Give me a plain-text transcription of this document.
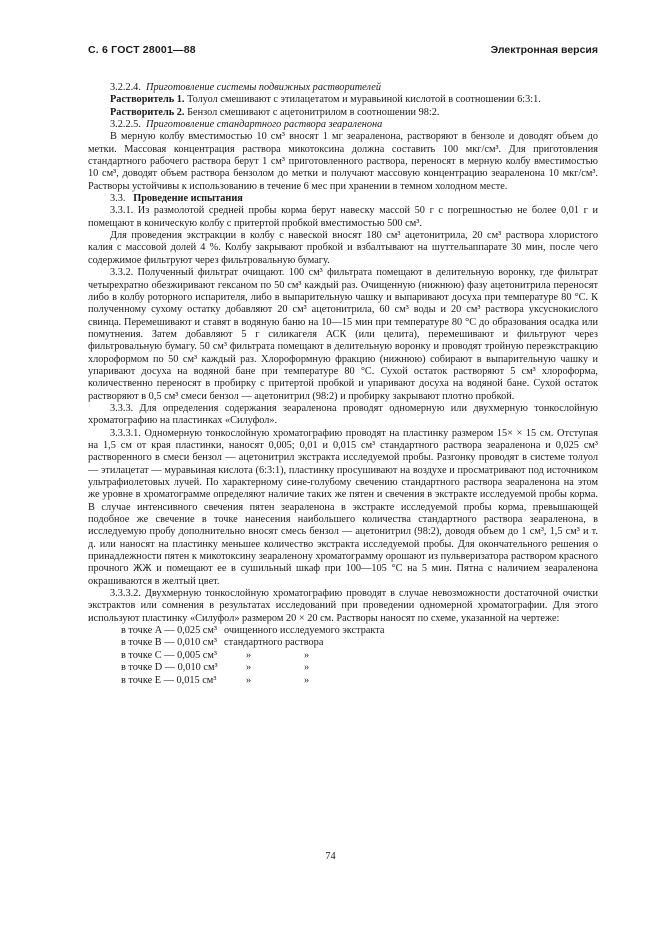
С. 6 ГОСТ 28001—88	Электронная версия

3.2.2.4. Приготовление системы подвижных растворителей

Растворитель 1. Толуол смешивают с этилацетатом и муравьиной кислотой в соотношении 6:3:1.

Растворитель 2. Бензол смешивают с ацетонитрилом в соотношении 98:2.

3.2.2.5. Приготовление стандартного раствора зеараленона

В мерную колбу вместимостью 10 см³ вносят 1 мг зеараленона, растворяют в бензоле и доводят объем до метки. Массовая концентрация раствора микотоксина должна составить 100 мкг/см³. Для приготовления стандартного рабочего раствора берут 1 см³ приготовленного раствора, переносят в мерную колбу вместимостью 10 см³, доводят объем раствора бензолом до метки и получают массовую концентрацию зеараленона 10 мкг/см³. Растворы устойчивы к использованию в течение 6 мес при хранении в темном холодном месте.

3.3. Проведение испытания

3.3.1. Из размолотой средней пробы корма берут навеску массой 50 г с погрешностью не более 0,01 г и помещают в коническую колбу с притертой пробкой вместимостью 500 см³.

Для проведения экстракции в колбу с навеской вносят 180 см³ ацетонитрила, 20 см³ раствора хлористого калия с массовой долей 4 %. Колбу закрывают пробкой и взбалтывают на шуттельаппарате 30 мин, после чего содержимое фильтруют через фильтровальную бумагу.

3.3.2. Полученный фильтрат очищают. 100 см³ фильтрата помещают в делительную воронку, где фильтрат четырехратно обезжиривают гексаном по 50 см³ каждый раз. Очищенную (нижнюю) фазу ацетонитрила переносят либо в колбу роторного испарителя, либо в выпарительную чашку и выпаривают досуха при температуре 80 °С. К полученному сухому остатку добавляют 20 см³ ацетонитрила, 60 см³ воды и 20 см³ раствора уксуснокислого свинца. Перемешивают и ставят в водяную баню на 10—15 мин при температуре 80 °С до образования осадка или помутнения. Затем добавляют 5 г силикагеля АСК (или целита), перемешивают и фильтруют через фильтровальную бумагу. 50 см³ фильтрата помещают в делительную воронку и проводят тройную переэкстракцию хлороформом по 50 см³ каждый раз. Хлороформную фракцию (нижнюю) собирают в выпарительную чашку и упаривают досуха на водяной бане при температуре 80 °С. Сухой остаток растворяют 5 см³ хлороформа, количественно переносят в пробирку с притертой пробкой и упаривают досуха на водяной бане. Сухой остаток растворяют в 0,5 см³ смеси бензол — ацетонитрил (98:2) и пробирку закрывают плотно пробкой.

3.3.3. Для определения содержания зеараленона проводят одномерную или двухмерную тонкослойную хроматографию на пластинках «Силуфол».

3.3.3.1. Одномерную тонкослойную хроматографию проводят на пластинку размером 15× × 15 см. Отступая на 1,5 см от края пластинки, наносят 0,005; 0,01 и 0,015 см³ стандартного раствора зеараленона и 0,025 см³ растворенного в смеси бензол — ацетонитрил экстракта исследуемой пробы. Разгонку проводят в системе толуол — этилацетат — муравьиная кислота (6:3:1), пластинку просушивают на воздухе и просматривают под источником ультрафиолетовых лучей. По характерному сине-голубому свечению стандартного раствора зеараленона на этом же уровне в хроматограмме определяют наличие таких же пятен и свечения в экстракте исследуемой пробы корма. В случае интенсивного свечения пятен зеараленона в экстракте исследуемой пробы корма, превышающей подобное же свечение в точке нанесения наибольшего количества стандартного раствора зеараленона, в исследуемую пробу дополнительно вносят смесь бензол — ацетонитрил (98:2), доводя объем до 1 см³, 1,5 см³ и т. д. или наносят на пластинку меньшее количество экстракта исследуемой пробы. Для окончательного решения о принадлежности пятен к микотоксину зеараленону хроматограмму орошают из пульверизатора раствором красного прочного ЖЖ и помещают ее в сушильный шкаф при 100—105 °С на 5 мин. Пятна с наличием зеараленона окрашиваются в желтый цвет.

3.3.3.2. Двухмерную тонкослойную хроматографию проводят в случае невозможности достаточной очистки экстрактов или сомнения в результатах исследований при проведении одномерной хроматографии. Для этого используют пластинку «Силуфол» размером 20 × 20 см. Растворы наносят по схеме, указанной на чертеже:

в точке A — 0,025 см³ очищенного исследуемого экстракта
в точке B — 0,010 см³ стандартного раствора
в точке C — 0,005 см³	»	»
в точке D — 0,010 см³	»	»
в точке E — 0,015 см³	»	»
74
